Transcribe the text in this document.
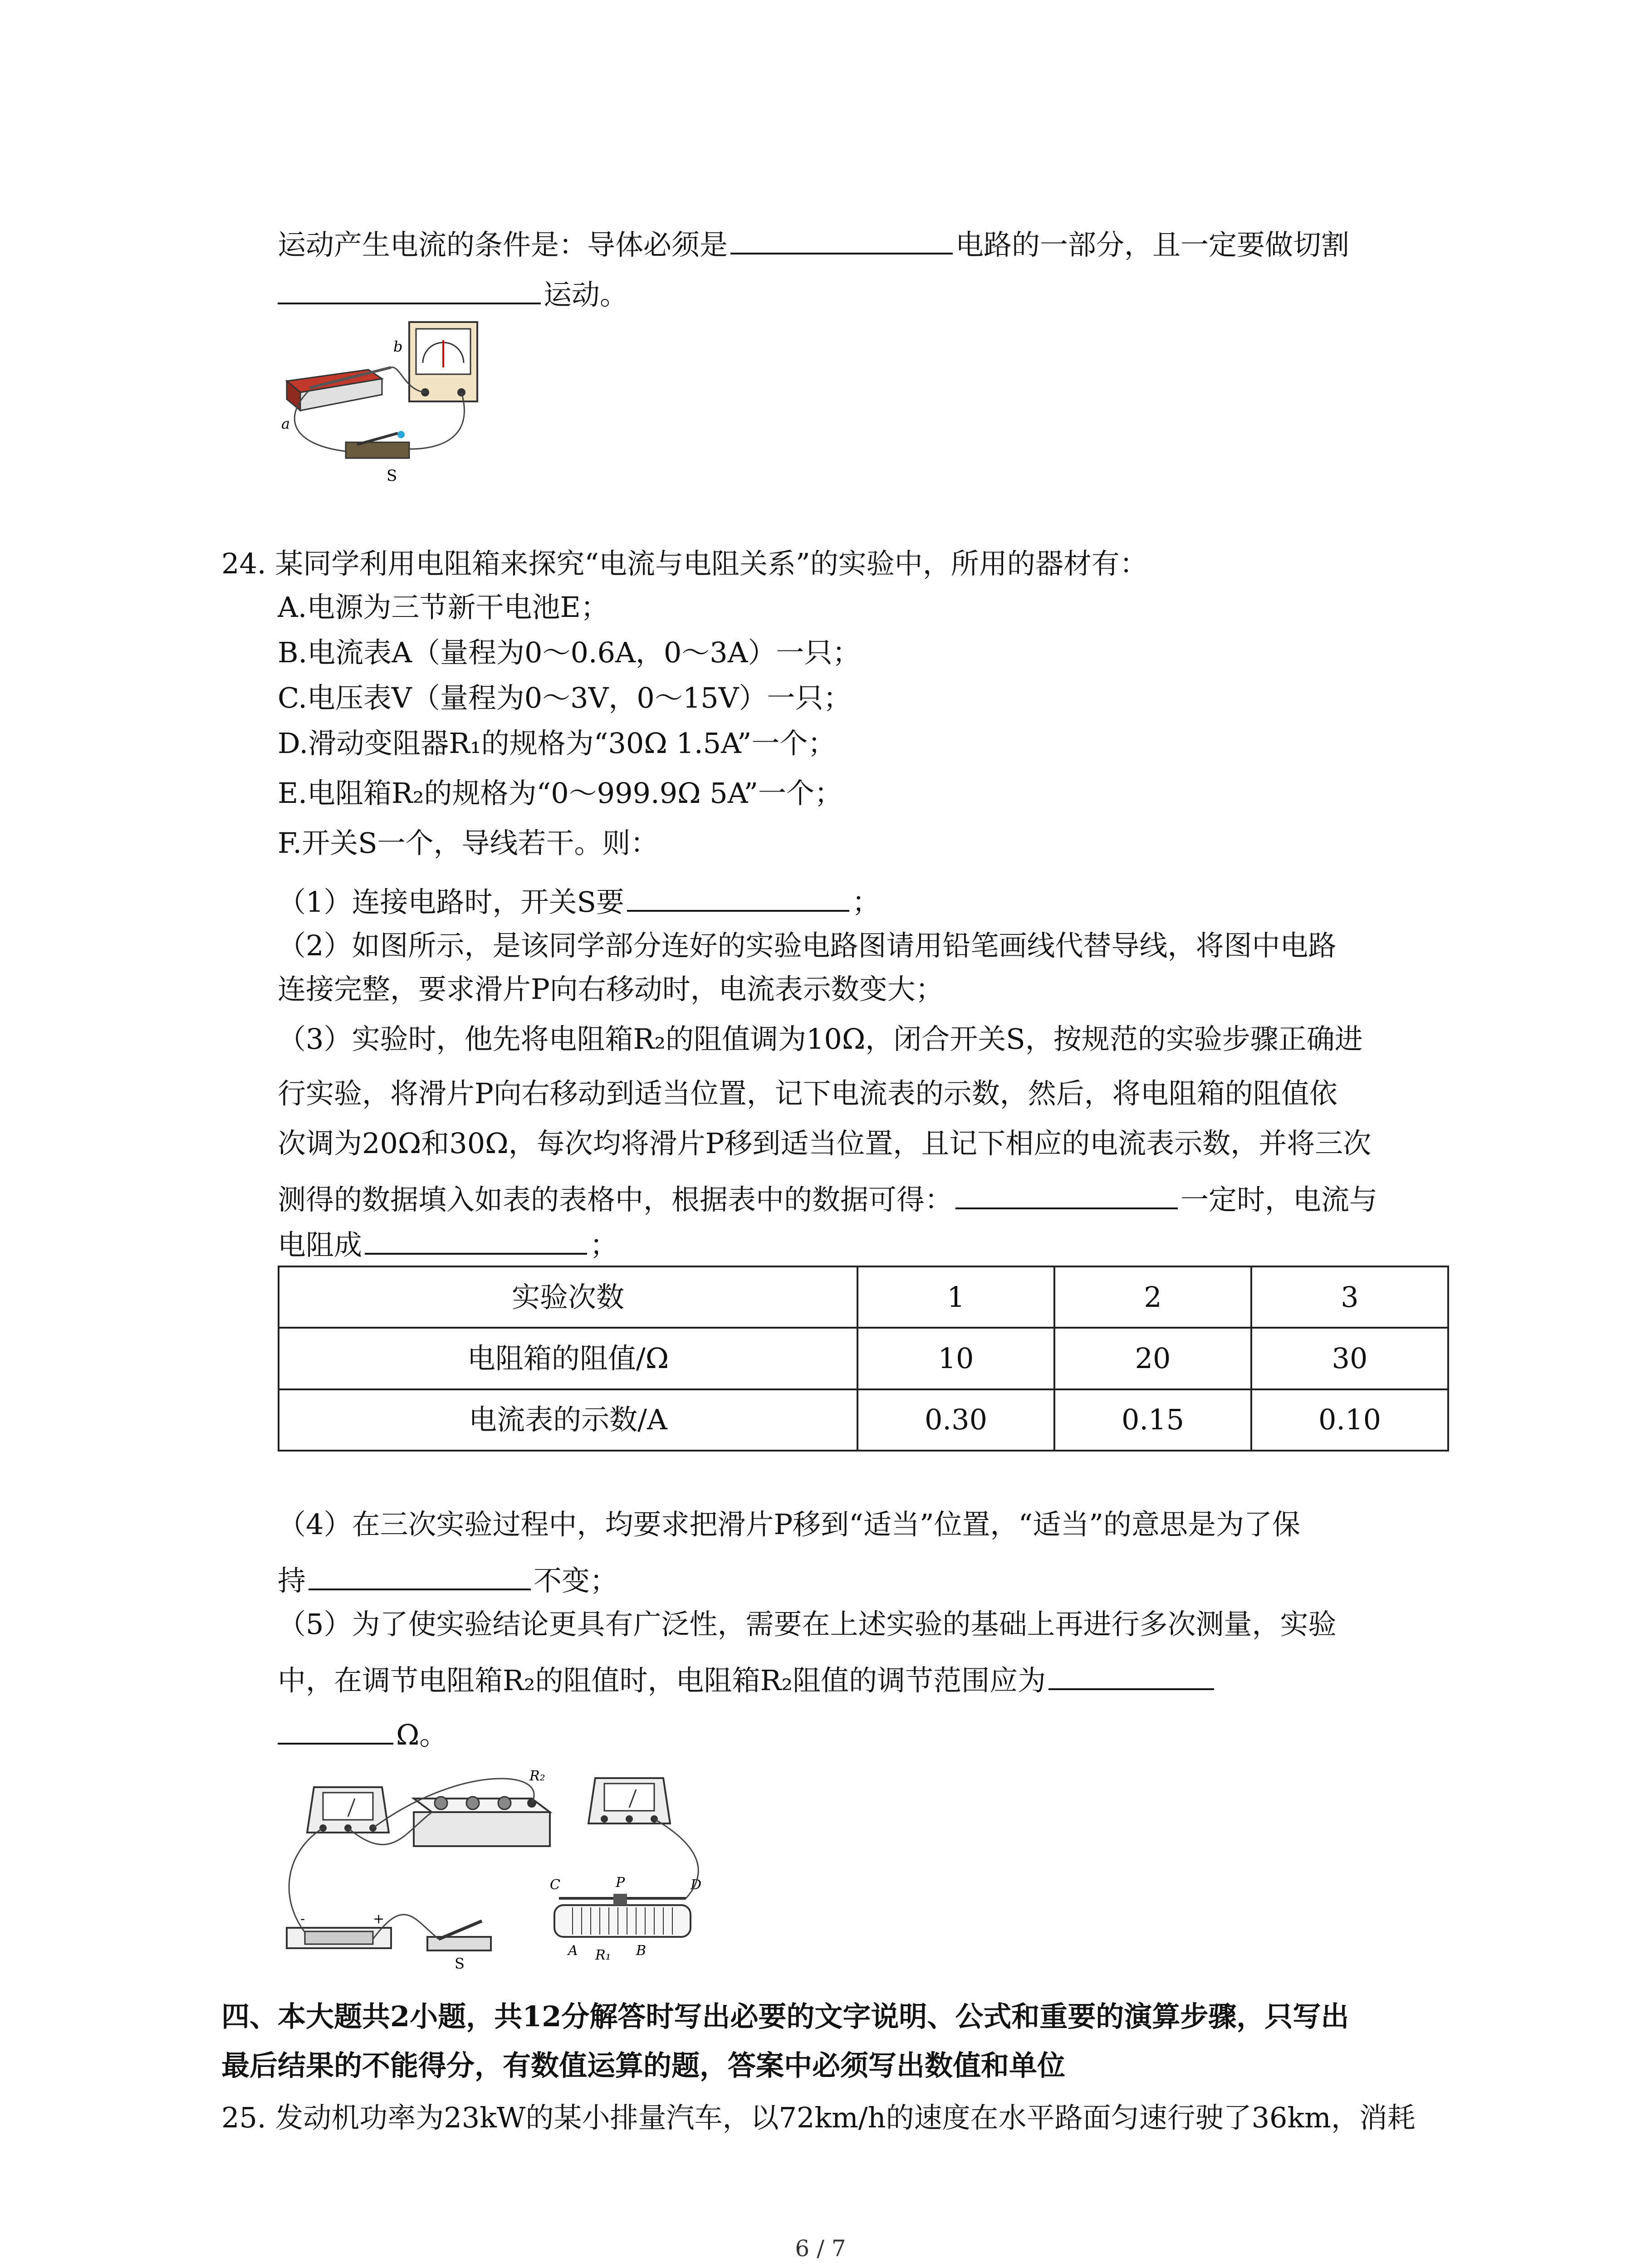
运动产生电流的条件是：导体必须是	电路的一部分，且一定要做切割
运动。
a
b
S
24. 某同学利用电阻箱来探究“电流与电阻关系”的实验中，所用的器材有：
A.电源为三节新干电池E；
B.电流表A（量程为0～0.6A，0～3A）一只；
C.电压表V（量程为0～3V，0～15V）一只；
D.滑动变阻器R₁的规格为“30Ω 1.5A”一个；
E.电阻箱R₂的规格为“0～999.9Ω 5A”一个；
F.开关S一个，导线若干。则：
（1）连接电路时，开关S要	；
（2）如图所示，是该同学部分连好的实验电路图请用铅笔画线代替导线，将图中电路
连接完整，要求滑片P向右移动时，电流表示数变大；
（3）实验时，他先将电阻箱R₂的阻值调为10Ω，闭合开关S，按规范的实验步骤正确进
行实验，将滑片P向右移动到适当位置，记下电流表的示数，然后，将电阻箱的阻值依
次调为20Ω和30Ω，每次均将滑片P移到适当位置，且记下相应的电流表示数，并将三次
测得的数据填入如表的表格中，根据表中的数据可得：	一定时，电流与
电阻成	；
实验次数	1	2	3
电阻箱的阻值/Ω	10	20	30
电流表的示数/A	0.30	0.15	0.10
（4）在三次实验过程中，均要求把滑片P移到“适当”位置，“适当”的意思是为了保
持	不变；
（5）为了使实验结论更具有广泛性，需要在上述实验的基础上再进行多次测量，实验
中，在调节电阻箱R₂的阻值时，电阻箱R₂阻值的调节范围应为
Ω。
R₂
-	+
S
C	P	D
A R₁ B
四、本大题共2小题，共12分解答时写出必要的文字说明、公式和重要的演算步骤，只写出
最后结果的不能得分，有数值运算的题，答案中必须写出数值和单位
25. 发动机功率为23kW的某小排量汽车，以72km/h的速度在水平路面匀速行驶了36km，消耗
6 / 7
